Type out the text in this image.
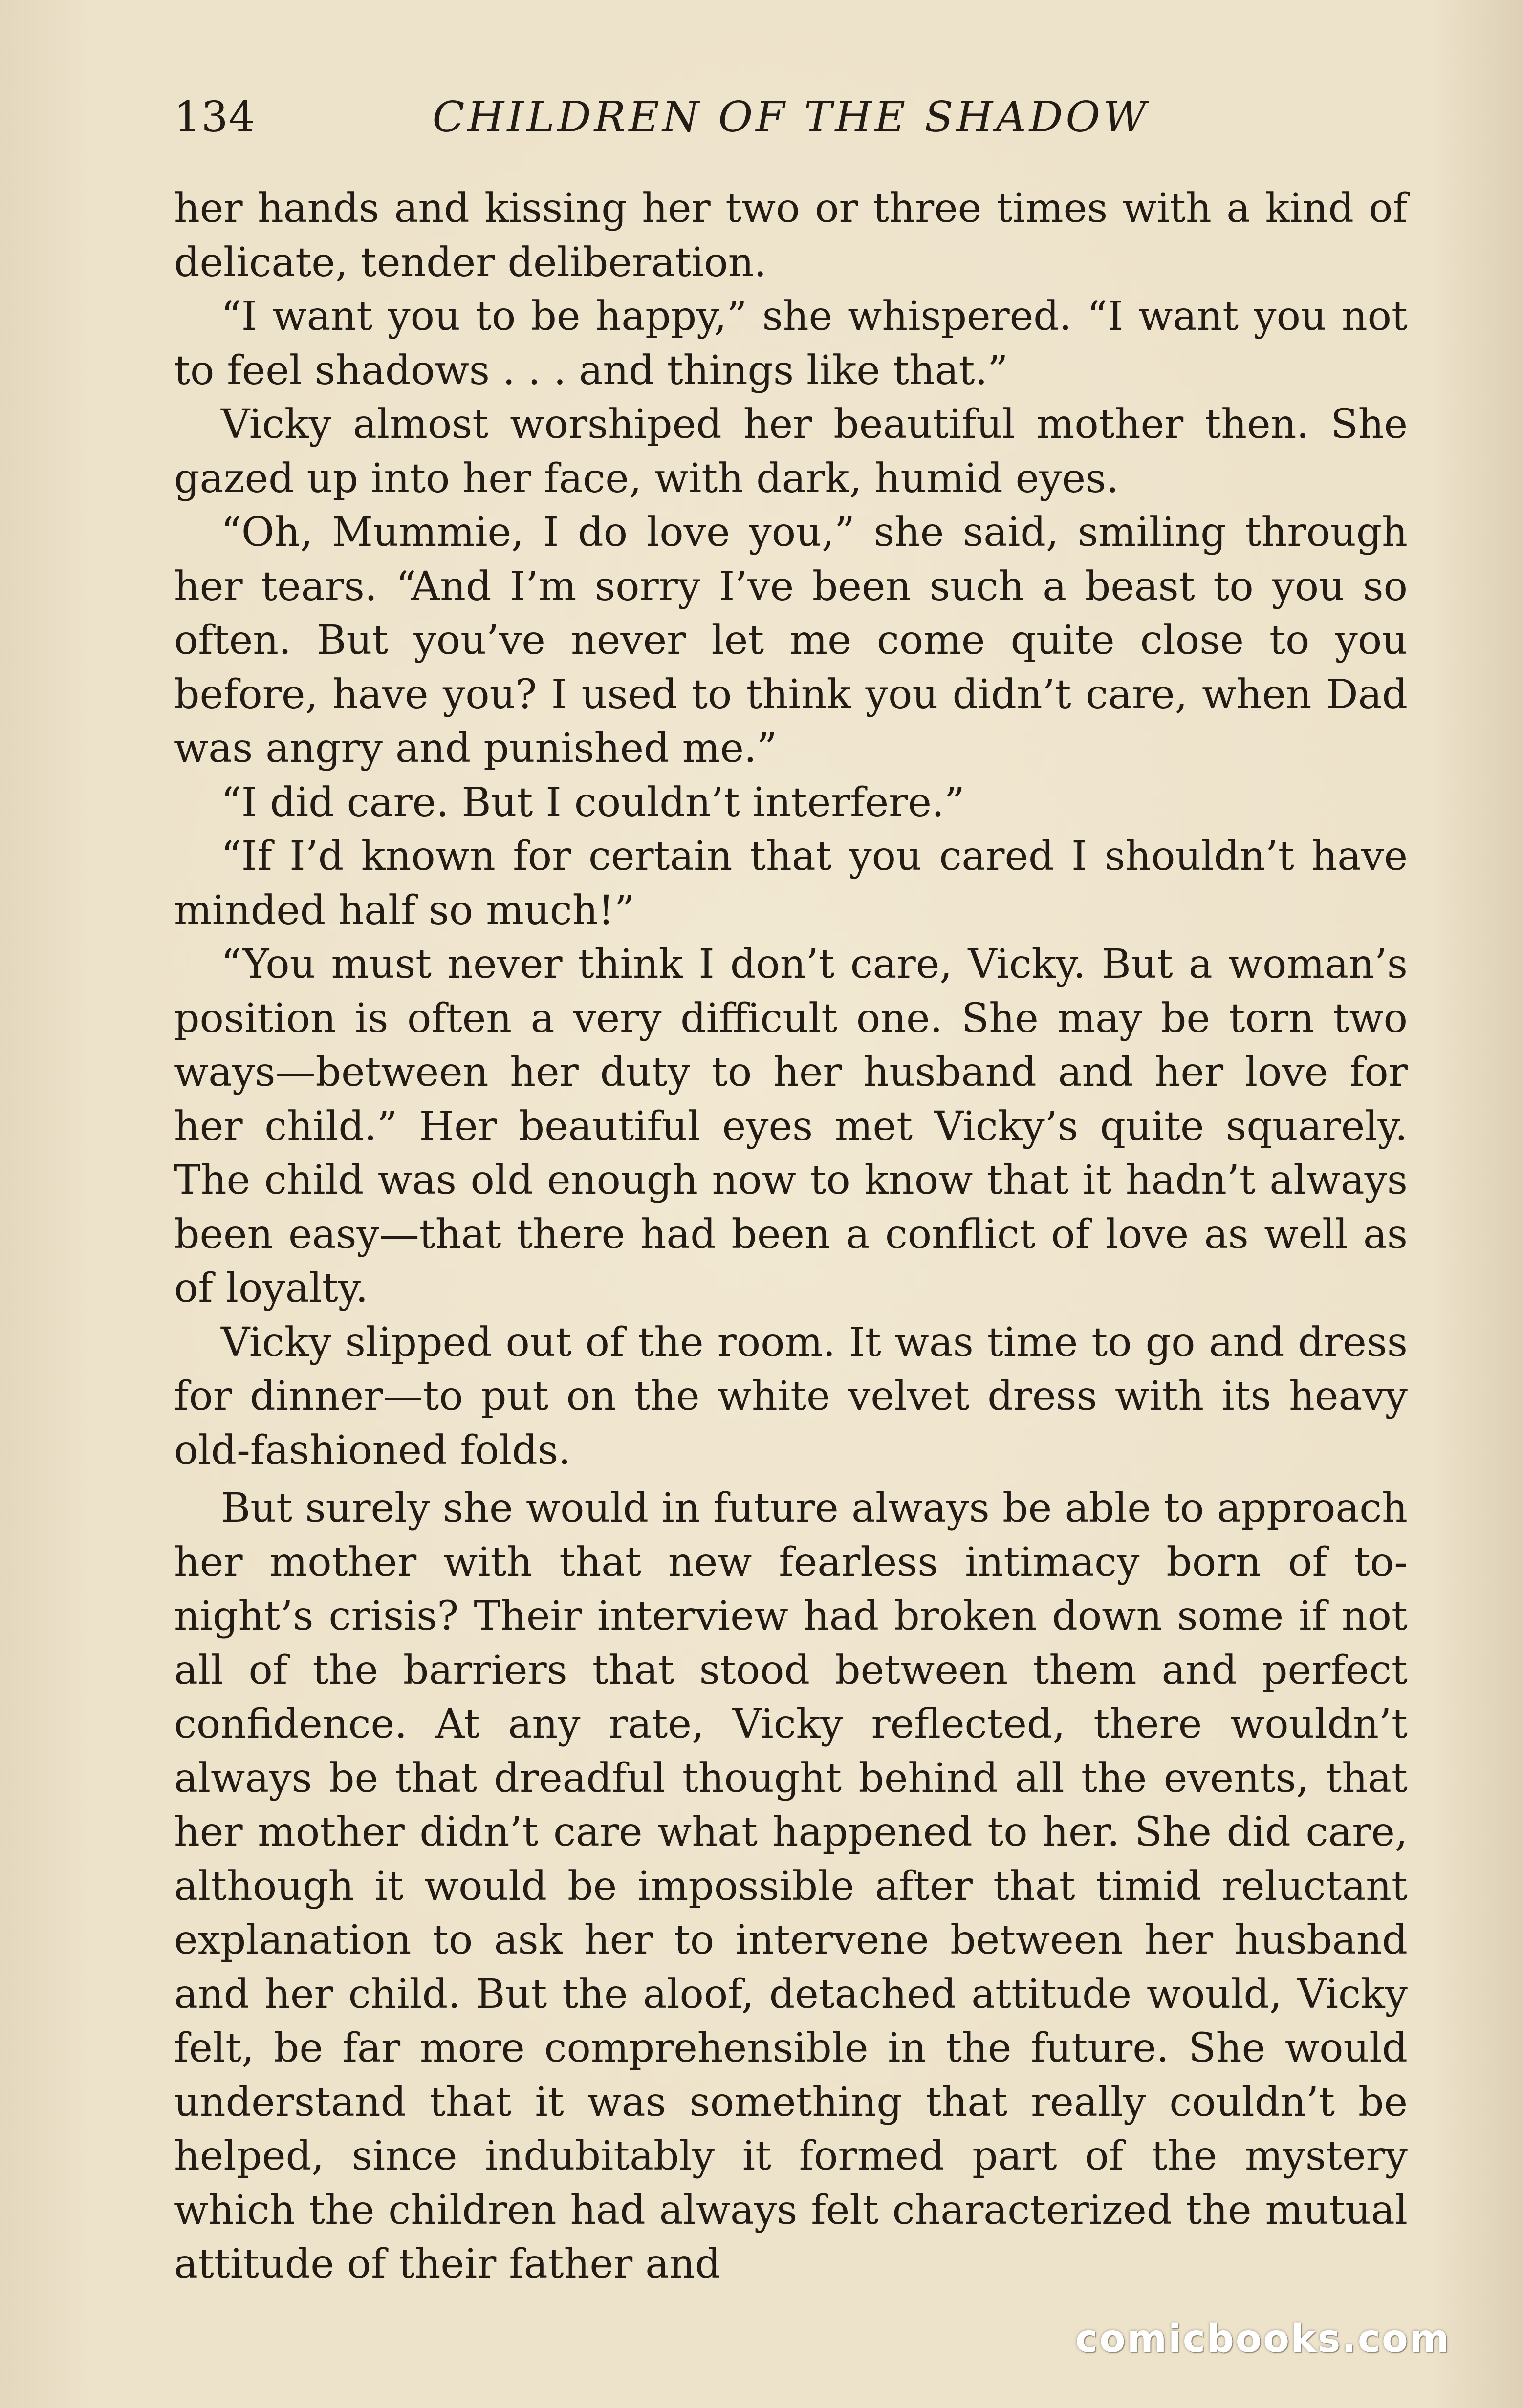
134	CHILDREN OF THE SHADOW

her hands and kissing her two or three times with a kind of delicate, tender deliberation.

“I want you to be happy,” she whispered. “I want you not to feel shadows . . . and things like that.”

Vicky almost worshiped her beautiful mother then. She gazed up into her face, with dark, humid eyes.

“Oh, Mummie, I do love you,” she said, smiling through her tears. “And I’m sorry I’ve been such a beast to you so often. But you’ve never let me come quite close to you before, have you? I used to think you didn’t care, when Dad was angry and punished me.”

“I did care. But I couldn’t interfere.”

“If I’d known for certain that you cared I shouldn’t have minded half so much!”

“You must never think I don’t care, Vicky. But a woman’s position is often a very difficult one. She may be torn two ways—between her duty to her husband and her love for her child.” Her beautiful eyes met Vicky’s quite squarely. The child was old enough now to know that it hadn’t always been easy—that there had been a conflict of love as well as of loyalty.

Vicky slipped out of the room. It was time to go and dress for dinner—to put on the white velvet dress with its heavy old-fashioned folds.

But surely she would in future always be able to approach her mother with that new fearless intimacy born of to-night’s crisis? Their interview had broken down some if not all of the barriers that stood between them and perfect confidence. At any rate, Vicky reflected, there wouldn’t always be that dreadful thought behind all the events, that her mother didn’t care what happened to her. She did care, although it would be impossible after that timid reluctant explanation to ask her to intervene between her husband and her child. But the aloof, detached attitude would, Vicky felt, be far more comprehensible in the future. She would understand that it was something that really couldn’t be helped, since indubitably it formed part of the mystery which the children had always felt characterized the mutual attitude of their father and

comicbooks.com
